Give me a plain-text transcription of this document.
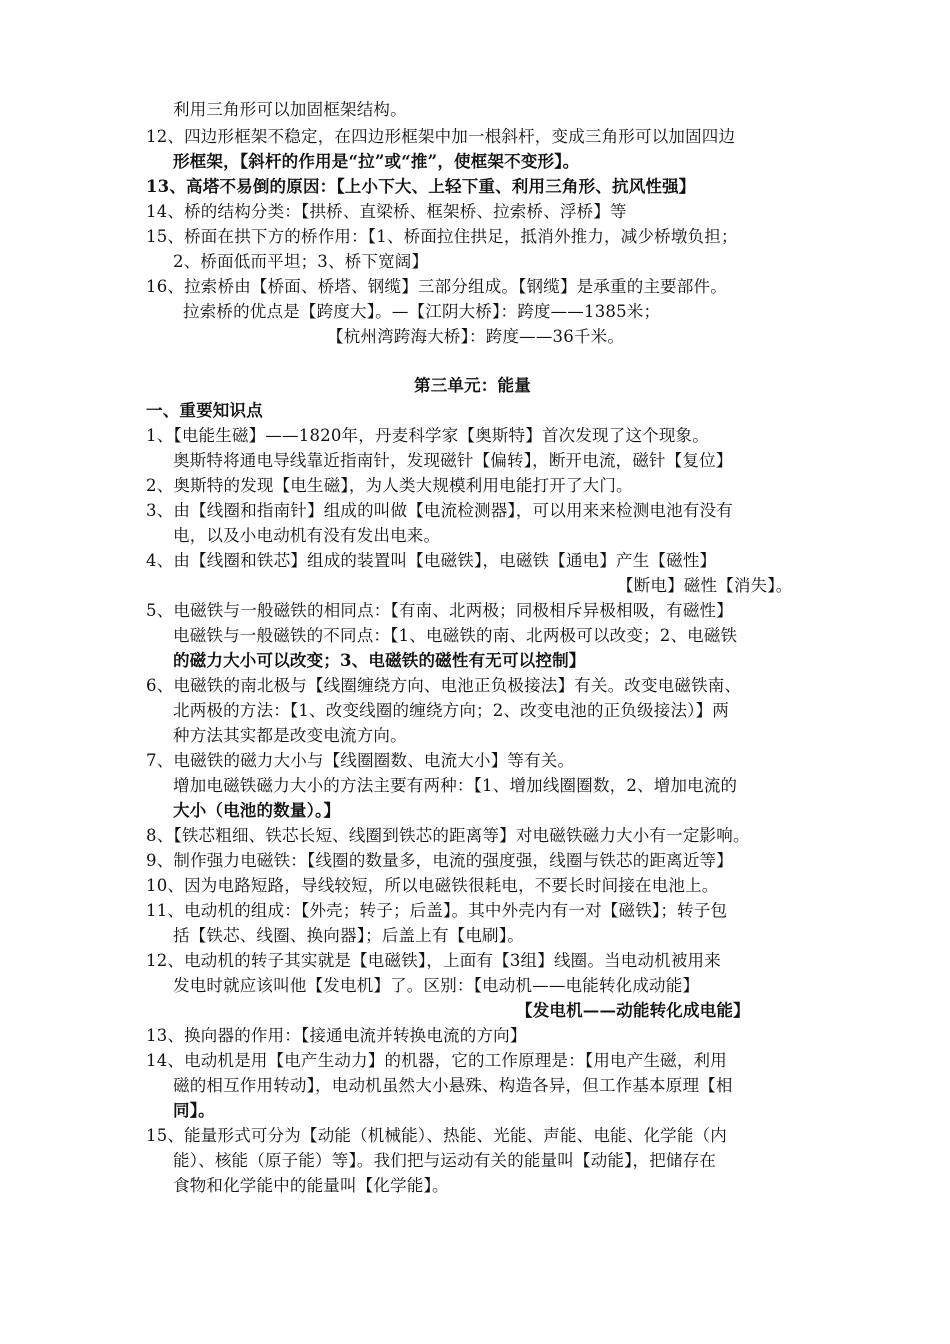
利用三角形可以加固框架结构。
12、四边形框架不稳定，在四边形框架中加一根斜杆，变成三角形可以加固四边
形框架，【斜杆的作用是“拉”或“推”，使框架不变形】。
13、高塔不易倒的原因：【上小下大、上轻下重、利用三角形、抗风性强】
14、桥的结构分类：【拱桥、直梁桥、框架桥、拉索桥、浮桥】等
15、桥面在拱下方的桥作用：【1、桥面拉住拱足，抵消外推力，减少桥墩负担；
2、桥面低而平坦；3、桥下宽阔】
16、拉索桥由【桥面、桥塔、钢缆】三部分组成。【钢缆】是承重的主要部件。
拉索桥的优点是【跨度大】。—【江阴大桥】：跨度——1385米；
【杭州湾跨海大桥】：跨度——36千米。
第三单元：能量
一、重要知识点
1、【电能生磁】——1820年，丹麦科学家【奥斯特】首次发现了这个现象。
奥斯特将通电导线靠近指南针，发现磁针【偏转】，断开电流，磁针【复位】
2、奥斯特的发现【电生磁】，为人类大规模利用电能打开了大门。
3、由【线圈和指南针】组成的叫做【电流检测器】，可以用来来检测电池有没有
电，以及小电动机有没有发出电来。
4、由【线圈和铁芯】组成的装置叫【电磁铁】，电磁铁【通电】产生【磁性】
【断电】磁性【消失】。
5、电磁铁与一般磁铁的相同点：【有南、北两极；同极相斥异极相吸，有磁性】
电磁铁与一般磁铁的不同点：【1、电磁铁的南、北两极可以改变；2、电磁铁
的磁力大小可以改变；3、电磁铁的磁性有无可以控制】
6、电磁铁的南北极与【线圈缠绕方向、电池正负极接法】有关。改变电磁铁南、
北两极的方法：【1、改变线圈的缠绕方向；2、改变电池的正负级接法）】两
种方法其实都是改变电流方向。
7、电磁铁的磁力大小与【线圈圈数、电流大小】等有关。
增加电磁铁磁力大小的方法主要有两种：【1、增加线圈圈数，2、增加电流的
大小（电池的数量）。】
8、【铁芯粗细、铁芯长短、线圈到铁芯的距离等】对电磁铁磁力大小有一定影响。
9、制作强力电磁铁：【线圈的数量多，电流的强度强，线圈与铁芯的距离近等】
10、因为电路短路，导线较短，所以电磁铁很耗电，不要长时间接在电池上。
11、电动机的组成：【外壳；转子；后盖】。其中外壳内有一对【磁铁】；转子包
括【铁芯、线圈、换向器】；后盖上有【电刷】。
12、电动机的转子其实就是【电磁铁】，上面有【3组】线圈。当电动机被用来
发电时就应该叫他【发电机】了。区别：【电动机——电能转化成动能】
【发电机——动能转化成电能】
13、换向器的作用：【接通电流并转换电流的方向】
14、电动机是用【电产生动力】的机器，它的工作原理是：【用电产生磁，利用
磁的相互作用转动】，电动机虽然大小悬殊、构造各异，但工作基本原理【相
同】。
15、能量形式可分为【动能（机械能）、热能、光能、声能、电能、化学能（内
能）、核能（原子能）等】。我们把与运动有关的能量叫【动能】，把储存在
食物和化学能中的能量叫【化学能】。
